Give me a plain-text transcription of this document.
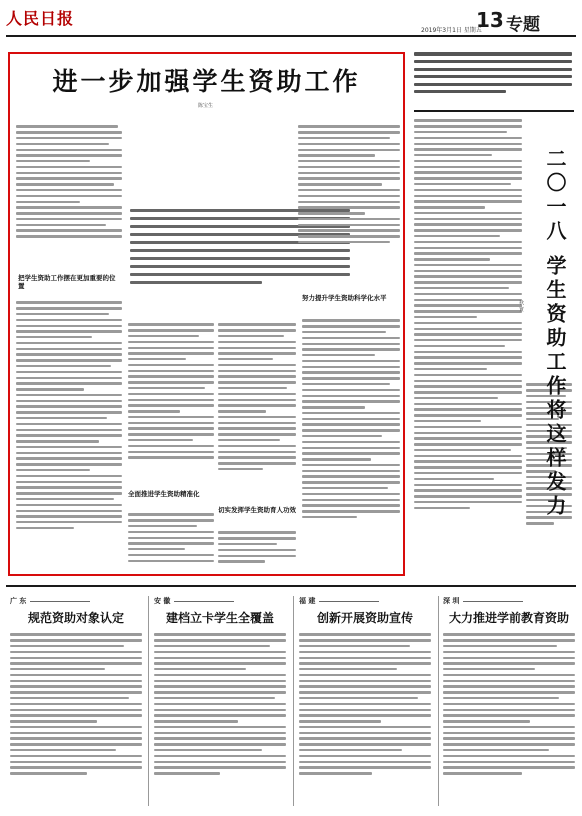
人民日报
2019年3月1日 星期五
13 专题
进一步加强学生资助工作
陈宝生
把学生资助工作摆在更加重要的位置
努力提升学生资助科学化水平
全面推进学生资助精准化
切实发挥学生资助育人功效	二〇一八 学生资助工作将这样发力
秋 實
广 东
规范资助对象认定
安 徽
建档立卡学生全覆盖
福 建
创新开展资助宣传
深 圳
大力推进学前教育资助
